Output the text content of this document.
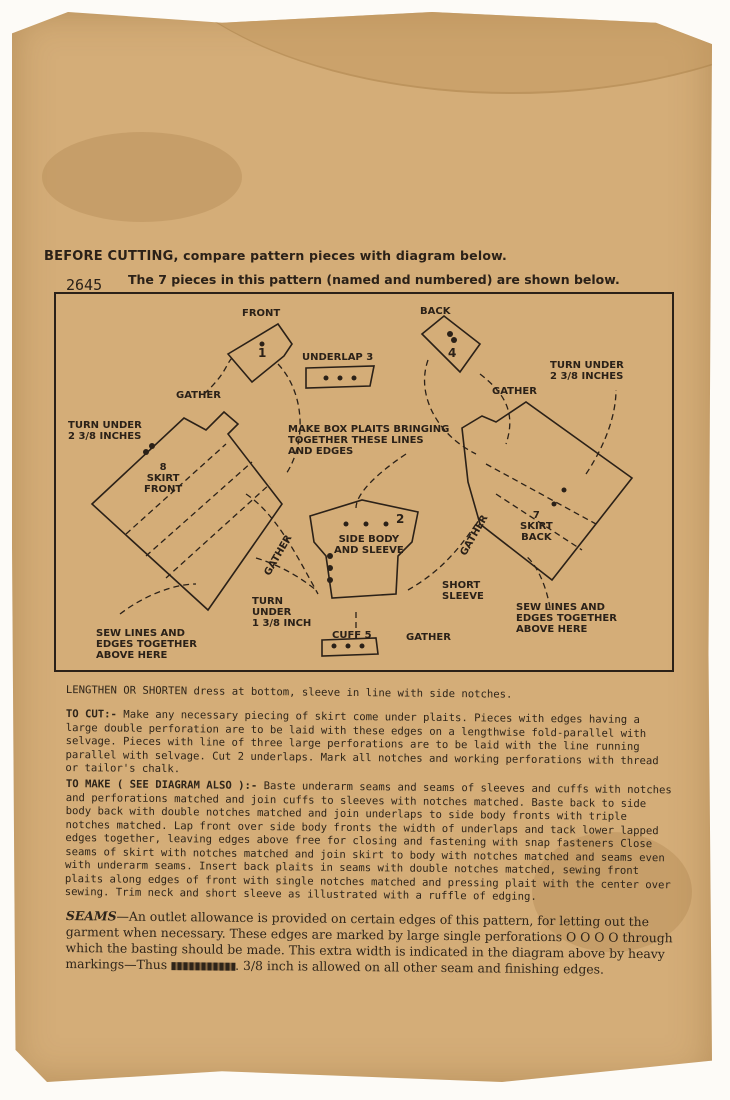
BEFORE CUTTING, compare pattern pieces with diagram below.
2645 The 7 pieces in this pattern (named and numbered) are shown below.
FRONT
1	UNDERLAP 3
BACK
4
GATHER
TURN UNDER
2 3/8 INCHES
8
SKIRT
FRONT
MAKE BOX PLAITS BRINGING
TOGETHER THESE LINES
AND EDGES
GATHER
TURN UNDER
2 3/8 INCHES
7
SKIRT
BACK
2
SIDE BODY
AND SLEEVE
GATHER	GATHER
SHORT
SLEEVE
TURN
UNDER
1 3/8 INCH
CUFF 5	GATHER
SEW LINES AND
EDGES TOGETHER
ABOVE HERE
SEW LINES AND
EDGES TOGETHER
ABOVE HERE
LENGTHEN OR SHORTEN dress at bottom, sleeve in line with side notches.
TO CUT:- Make any necessary piecing of skirt come under plaits. Pieces with edges having a large double perforation are to be laid with these edges on a lengthwise fold-parallel with selvage. Pieces with line of three large perforations are to be laid with the line running parallel with selvage. Cut 2 underlaps. Mark all notches and working perforations with thread or tailor's chalk.
TO MAKE ( SEE DIAGRAM ALSO ):- Baste underarm seams and seams of sleeves and cuffs with notches and perforations matched and join cuffs to sleeves with notches matched. Baste back to side body back with double notches matched and join underlaps to side body fronts with triple notches matched. Lap front over side body fronts the width of underlaps and tack lower lapped edges together, leaving edges above free for closing and fastening with snap fasteners Close seams of skirt with notches matched and join skirt to body with notches matched and seams even with underarm seams. Insert back plaits in seams with double notches matched, sewing front plaits along edges of front with single notches matched and pressing plait with the center over sewing. Trim neck and short sleeve as illustrated with a ruffle of edging.
SEAMS—An outlet allowance is provided on certain edges of this pattern, for letting out the garment when necessary. These edges are marked by large single perforations O O O O through which the basting should be made. This extra width is indicated in the diagram above by heavy markings—Thus	. 3/8 inch is allowed on all other seam and finishing edges.
